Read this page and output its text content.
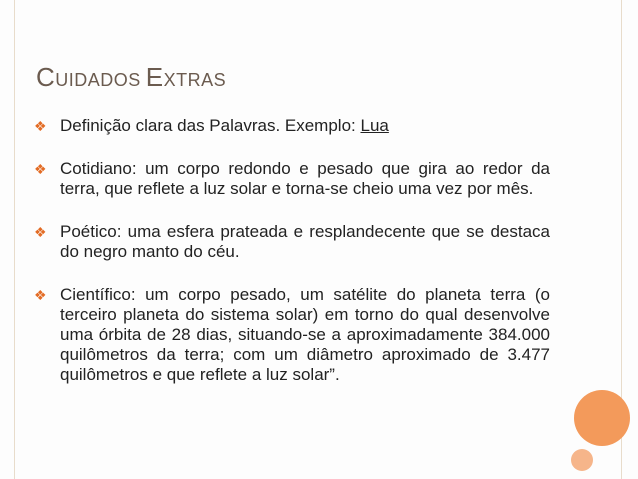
CUIDADOS EXTRAS
❖ Definição clara das Palavras. Exemplo: Lua
❖ Cotidiano: um corpo redondo e pesado que gira ao redor da terra, que reflete a luz solar e torna-se cheio uma vez por mês.
❖ Poético: uma esfera prateada e resplandecente que se destaca do negro manto do céu.
❖ Científico: um corpo pesado, um satélite do planeta terra (o terceiro planeta do sistema solar) em torno do qual desenvolve uma órbita de 28 dias, situando-se a aproximadamente 384.000 quilômetros da terra; com um diâmetro aproximado de 3.477 quilômetros e que reflete a luz solar”.
